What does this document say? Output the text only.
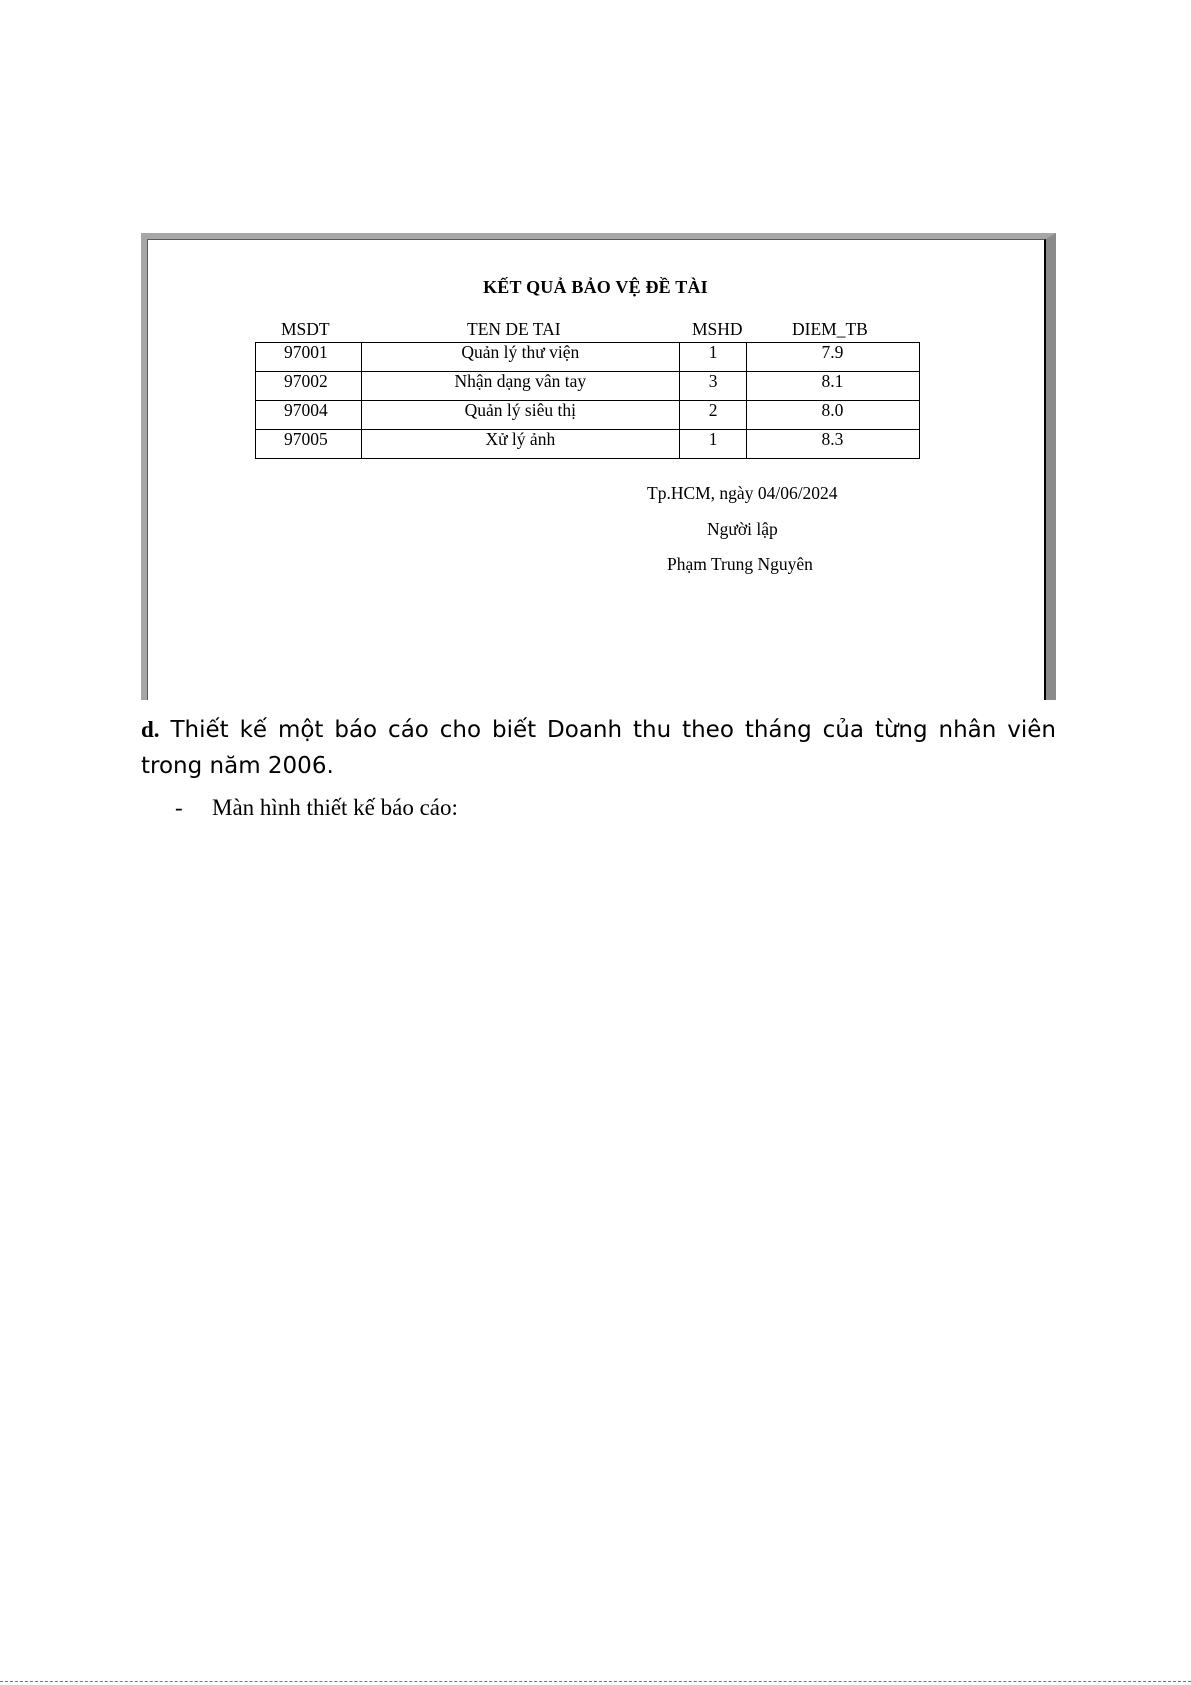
KẾT QUẢ BẢO VỆ ĐỀ TÀI
MSDT	TEN DE TAI	MSHD	DIEM_TB
97001	Quản lý thư viện	1	7.9
97002	Nhận dạng vân tay	3	8.1
97004	Quản lý siêu thị	2	8.0
97005	Xử lý ảnh	1	8.3
Tp.HCM, ngày 04/06/2024
Người lập
Phạm Trung Nguyên
d. Thiết kế một báo cáo cho biết Doanh thu theo tháng của từng nhân viên trong năm 2006.
- Màn hình thiết kế báo cáo:
